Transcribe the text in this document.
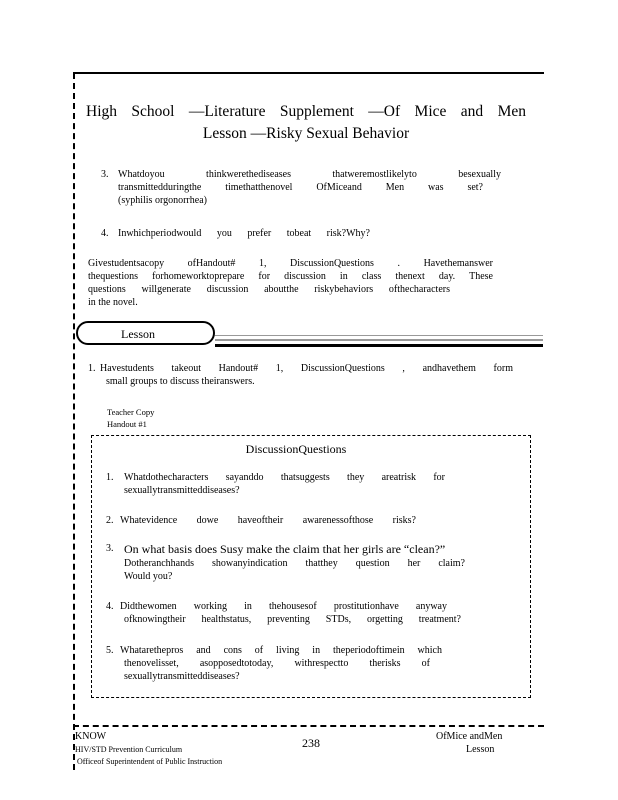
High School —Literature Supplement —Of Mice and Men
Lesson —Risky Sexual Behavior
3. Whatdoyou thinkwerethediseases thatweremostlikelyto besexually
transmittedduringthe timethatthenovel OfMiceand Men was set?
(syphilis orgonorrhea)
4. Inwhichperiodwould you prefer tobeat risk?Why?
Givestudentsacopy ofHandout# 1, DiscussionQuestions . Havethemanswer
thequestions forhomeworktoprepare for discussion in class thenext day. These
questions willgenerate discussion aboutthe riskybehaviors ofthecharacters
in the novel.
Lesson
1. Havestudents takeout Handout# 1, DiscussionQuestions , andhavethem form
small groups to discuss theiranswers.
Teacher Copy
Handout #1
DiscussionQuestions
1. Whatdothecharacters sayanddo thatsuggests they areatrisk for
sexuallytransmitteddiseases?
2. Whatevidence dowe haveoftheir awarenessofthose risks?
3. On what basis does Susy make the claim that her girls are “clean?”
Dotheranchhands showanyindication thatthey question her claim?
Would you?
4. Didthewomen working in thehousesof prostitutionhave anyway
ofknowingtheir healthstatus, preventing STDs, orgetting treatment?
5. Whatarethepros and cons of living in theperiodoftimein which
thenovelisset, asopposedtotoday, withrespectto therisks of
sexuallytransmitteddiseases?
KNOW
HIV/STD Prevention Curriculum
Officeof Superintendent of Public Instruction
238	OfMice andMen
Lesson
